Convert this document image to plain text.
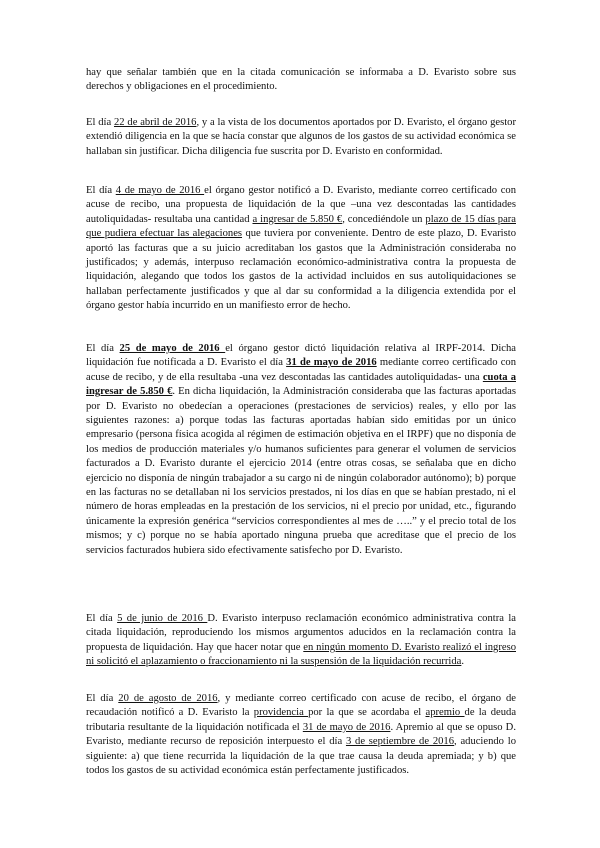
hay que señalar también que en la citada comunicación se informaba a D. Evaristo sobre sus derechos y obligaciones en el procedimiento.

El día 22 de abril de 2016, y a la vista de los documentos aportados por D. Evaristo, el órgano gestor extendió diligencia en la que se hacía constar que algunos de los gastos de su actividad económica se hallaban sin justificar. Dicha diligencia fue suscrita por D. Evaristo en conformidad.

El día 4 de mayo de 2016 el órgano gestor notificó a D. Evaristo, mediante correo certificado con acuse de recibo, una propuesta de liquidación de la que –una vez descontadas las cantidades autoliquidadas- resultaba una cantidad a ingresar de 5.850 €, concediéndole un plazo de 15 días para que pudiera efectuar las alegaciones que tuviera por conveniente. Dentro de este plazo, D. Evaristo aportó las facturas que a su juicio acreditaban los gastos que la Administración consideraba no justificados; y además, interpuso reclamación económico-administrativa contra la propuesta de liquidación, alegando que todos los gastos de la actividad incluidos en sus autoliquidaciones se hallaban perfectamente justificados y que al dar su conformidad a la diligencia extendida por el órgano gestor había incurrido en un manifiesto error de hecho.

El día 25 de mayo de 2016 el órgano gestor dictó liquidación relativa al IRPF-2014. Dicha liquidación fue notificada a D. Evaristo el día 31 de mayo de 2016 mediante correo certificado con acuse de recibo, y de ella resultaba -una vez descontadas las cantidades autoliquidadas- una cuota a ingresar de 5.850 €. En dicha liquidación, la Administración consideraba que las facturas aportadas por D. Evaristo no obedecían a operaciones (prestaciones de servicios) reales, y ello por las siguientes razones: a) porque todas las facturas aportadas habían sido emitidas por un único empresario (persona física acogida al régimen de estimación objetiva en el IRPF) que no disponía de los medios de producción materiales y/o humanos suficientes para generar el volumen de servicios facturados a D. Evaristo durante el ejercicio 2014 (entre otras cosas, se señalaba que en dicho ejercicio no disponía de ningún trabajador a su cargo ni de ningún colaborador autónomo); b) porque en las facturas no se detallaban ni los servicios prestados, ni los días en que se habían prestado, ni el número de horas empleadas en la prestación de los servicios, ni el precio por unidad, etc., figurando únicamente la expresión genérica “servicios correspondientes al mes de …..” y el precio total de los mismos; y c) porque no se había aportado ninguna prueba que acreditase que el precio de los servicios facturados hubiera sido efectivamente satisfecho por D. Evaristo.

El día 5 de junio de 2016 D. Evaristo interpuso reclamación económico administrativa contra la citada liquidación, reproduciendo los mismos argumentos aducidos en la reclamación contra la propuesta de liquidación. Hay que hacer notar que en ningún momento D. Evaristo realizó el ingreso ni solicitó el aplazamiento o fraccionamiento ni la suspensión de la liquidación recurrida.

El día 20 de agosto de 2016, y mediante correo certificado con acuse de recibo, el órgano de recaudación notificó a D. Evaristo la providencia por la que se acordaba el apremio de la deuda tributaria resultante de la liquidación notificada el 31 de mayo de 2016. Apremio al que se opuso D. Evaristo, mediante recurso de reposición interpuesto el día 3 de septiembre de 2016, aduciendo lo siguiente: a) que tiene recurrida la liquidación de la que trae causa la deuda apremiada; y b) que todos los gastos de su actividad económica están perfectamente justificados.
